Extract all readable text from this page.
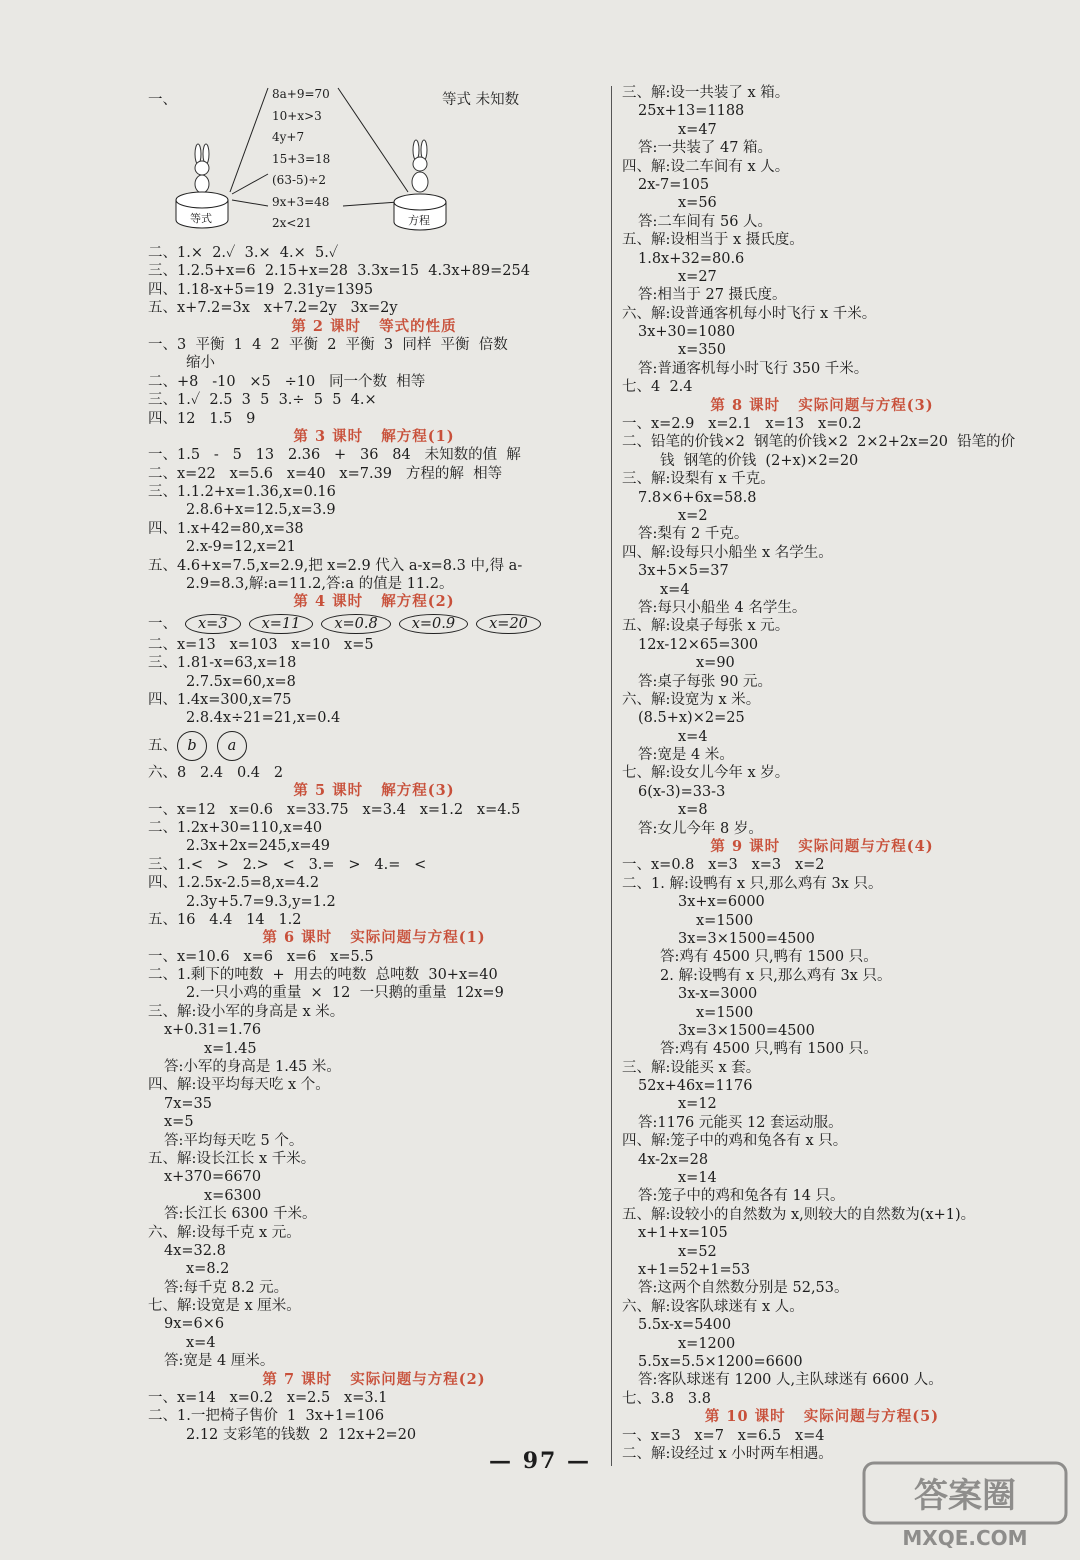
一、	等式 未知数
等式	方程
8a+9=70
10+x>3
4y+7
15+3=18
(63-5)÷2
9x+3=48
2x<21
二、1.×  2.✓  3.×  4.×  5.✓
三、1.2.5+x=6  2.15+x=28  3.3x=15  4.3x+89=254
四、1.18-x+5=19  2.31y=1395
五、x+7.2=3x   x+7.2=2y   3x=2y
第 2 课时   等式的性质
一、3  平衡  1  4  2  平衡  2  平衡  3  同样  平衡  倍数
缩小
二、+8   -10   ×5   ÷10   同一个数  相等
三、1.✓  2.5  3  5  3.÷  5  5  4.×
四、12   1.5   9
第 3 课时   解方程(1)
一、1.5   -   5   13   2.36   +   36   84   未知数的值  解
二、x=22   x=5.6   x=40   x=7.39   方程的解  相等
三、1.1.2+x=1.36,x=0.16
2.8.6+x=12.5,x=3.9
四、1.x+42=80,x=38
2.x-9=12,x=21
五、4.6+x=7.5,x=2.9,把 x=2.9 代入 a-x=8.3 中,得 a-
2.9=8.3,解:a=11.2,答:a 的值是 11.2。
第 4 课时   解方程(2)
一、	x=3	x=11	x=0.8	x=0.9	x=20
二、x=13   x=103   x=10   x=5
三、1.81-x=63,x=18
2.7.5x=60,x=8
四、1.4x=300,x=75
2.8.4x÷21=21,x=0.4
五、 b a
六、8   2.4   0.4   2
第 5 课时   解方程(3)
一、x=12   x=0.6   x=33.75   x=3.4   x=1.2   x=4.5
二、1.2x+30=110,x=40
2.3x+2x=245,x=49
三、1.<   >   2.>   <   3.=   >   4.=   <
四、1.2.5x-2.5=8,x=4.2
2.3y+5.7=9.3,y=1.2
五、16   4.4   14   1.2
第 6 课时   实际问题与方程(1)
一、x=10.6   x=6   x=6   x=5.5
二、1.剩下的吨数  +  用去的吨数  总吨数  30+x=40
2.一只小鸡的重量  ×  12  一只鹅的重量  12x=9
三、解:设小军的身高是 x 米。
x+0.31=1.76
x=1.45
答:小军的身高是 1.45 米。
四、解:设平均每天吃 x 个。
7x=35
x=5
答:平均每天吃 5 个。
五、解:设长江长 x 千米。
x+370=6670
x=6300
答:长江长 6300 千米。
六、解:设每千克 x 元。
4x=32.8
x=8.2
答:每千克 8.2 元。
七、解:设宽是 x 厘米。
9x=6×6
x=4
答:宽是 4 厘米。
第 7 课时   实际问题与方程(2)
一、x=14   x=0.2   x=2.5   x=3.1
二、1.一把椅子售价  1  3x+1=106
2.12 支彩笔的钱数  2  12x+2=20
三、解:设一共装了 x 箱。
25x+13=1188
x=47
答:一共装了 47 箱。
四、解:设二车间有 x 人。
2x-7=105
x=56
答:二车间有 56 人。
五、解:设相当于 x 摄氏度。
1.8x+32=80.6
x=27
答:相当于 27 摄氏度。
六、解:设普通客机每小时飞行 x 千米。
3x+30=1080
x=350
答:普通客机每小时飞行 350 千米。
七、4  2.4
第 8 课时   实际问题与方程(3)
一、x=2.9   x=2.1   x=13   x=0.2
二、铅笔的价钱×2  钢笔的价钱×2  2×2+2x=20  铅笔的价
钱  钢笔的价钱  (2+x)×2=20
三、解:设梨有 x 千克。
7.8×6+6x=58.8
x=2
答:梨有 2 千克。
四、解:设每只小船坐 x 名学生。
3x+5×5=37
x=4
答:每只小船坐 4 名学生。
五、解:设桌子每张 x 元。
12x-12×65=300
x=90
答:桌子每张 90 元。
六、解:设宽为 x 米。
(8.5+x)×2=25
x=4
答:宽是 4 米。
七、解:设女儿今年 x 岁。
6(x-3)=33-3
x=8
答:女儿今年 8 岁。
第 9 课时   实际问题与方程(4)
一、x=0.8   x=3   x=3   x=2
二、1. 解:设鸭有 x 只,那么鸡有 3x 只。
3x+x=6000
x=1500
3x=3×1500=4500
答:鸡有 4500 只,鸭有 1500 只。
2. 解:设鸭有 x 只,那么鸡有 3x 只。
3x-x=3000
x=1500
3x=3×1500=4500
答:鸡有 4500 只,鸭有 1500 只。
三、解:设能买 x 套。
52x+46x=1176
x=12
答:1176 元能买 12 套运动服。
四、解:笼子中的鸡和兔各有 x 只。
4x-2x=28
x=14
答:笼子中的鸡和兔各有 14 只。
五、解:设较小的自然数为 x,则较大的自然数为(x+1)。
x+1+x=105
x=52
x+1=52+1=53
答:这两个自然数分别是 52,53。
六、解:设客队球迷有 x 人。
5.5x-x=5400
x=1200
5.5x=5.5×1200=6600
答:客队球迷有 1200 人,主队球迷有 6600 人。
七、3.8   3.8
第 10 课时   实际问题与方程(5)
一、x=3   x=7   x=6.5   x=4
二、解:设经过 x 小时两车相遇。
— 97 —
答案圈
MXQE.COM
